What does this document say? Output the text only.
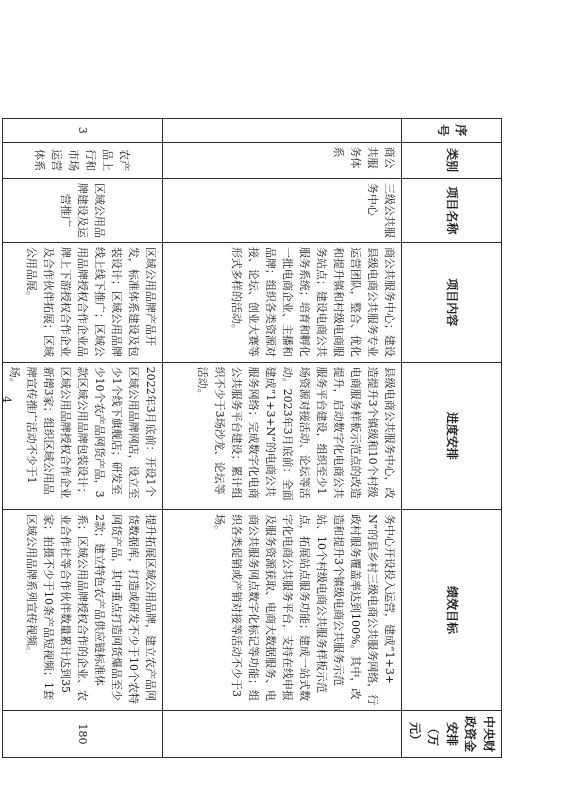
序号	类别	项目名称	项目内容	进度安排	绩效目标	中央财政资金安排（万元）
	商公共服务体系	三级公共服务中心	商公共服务中心；建设县级电商公共服务专业运营团队，整合、优化和提升镇和村级电商服务站点；建设电商公共服务系统；培育和孵化一批电商企业、主播和品牌；组织各类资源对接、论坛、创业大赛等形式多样的活动。	县级电商公共服务中心，改造提升3个镇级和10个村级电商服务样板示范点的改造提升，启动数字化电商公共服务平台建设，组织至少1场资源对接活动、论坛等活动。2023年3月底前：全面建成“1+3+N”的电商公共服务网络；完成数字化电商公共服务平台建设；累计组织不少于3场沙龙、论坛等活动。	务中心开设投入运营，建成“1+3+N”的县乡村三级电商公共服务网络，行政村服务覆盖率达到100%。其中，改造和提升3个镇级电商公共服务示范站、10个村级电商公共服务样板示范点，拓展站点服务功能；建成一站式数字化电商公共服务平台，支持在线申报及服务资源获取、电商大数据服务、电商公共服务网点数字化标记等功能；组织各类促销或产销对接等活动不少于3场。	
3	农产品上行和市场运营体系	区域公用品牌建设及运营推广	区域公用品牌产品开发，标准体系建设及包装设计；区域公用品牌线上线下推广；区域公用品牌授权合作企业品牌上下游授权合作企业及合作伙伴拓展；区域公用品展。	2022年3月底前：开设1个区域公用品牌网店，设立至少1个线下旗舰店；研发至少10个农产品网货产品，3款区域公用品牌包装设计；区域公用品牌授权合作企业新增3家；组织区域公用品牌宣传推广活动不少于1场。	提升拓展区域公用品牌，建立农产品网货数据库，打造或研发不少于10个农特网货产品，其中重点打造网货爆品至少2款；建立特色农产品供应链标准体系；区域公用品牌授权合作的企业、农业合作社等合作伙伴数量累计达到35家；拍摄不少于10条产品短视频；1套区域公用品牌系列宣传视频。	180
4
